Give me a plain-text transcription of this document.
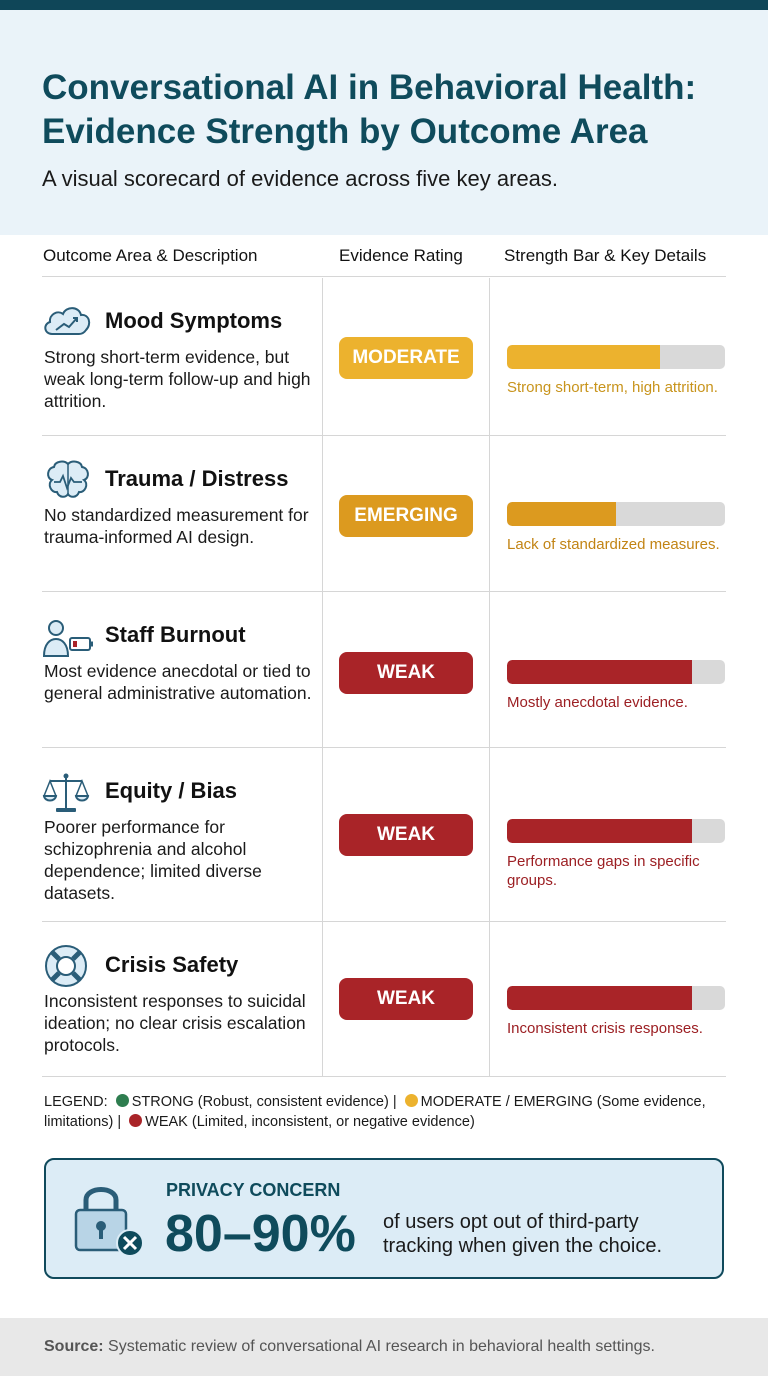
Conversational AI in Behavioral Health:
Evidence Strength by Outcome Area
A visual scorecard of evidence across five key areas.
Outcome Area & Description	Evidence Rating Strength Bar & Key Details
Mood Symptoms
Strong short-term evidence, but weak long-term follow-up and high attrition.
MODERATE
Strong short-term, high attrition.
Trauma / Distress
No standardized measurement for trauma-informed AI design.
EMERGING
Lack of standardized measures.
Staff Burnout
Most evidence anecdotal or tied to general administrative automation.
WEAK
Mostly anecdotal evidence.
Equity / Bias
Poorer performance for schizophrenia and alcohol dependence; limited diverse datasets.
WEAK
Performance gaps in specific groups.
Crisis Safety
Inconsistent responses to suicidal ideation; no clear crisis escalation protocols.
WEAK
Inconsistent crisis responses.
LEGEND: STRONG (Robust, consistent evidence) | MODERATE / EMERGING (Some evidence, limitations) | WEAK (Limited, inconsistent, or negative evidence)
PRIVACY CONCERN
80–90% of users opt out of third-party tracking when given the choice.
Source: Systematic review of conversational AI research in behavioral health settings.
